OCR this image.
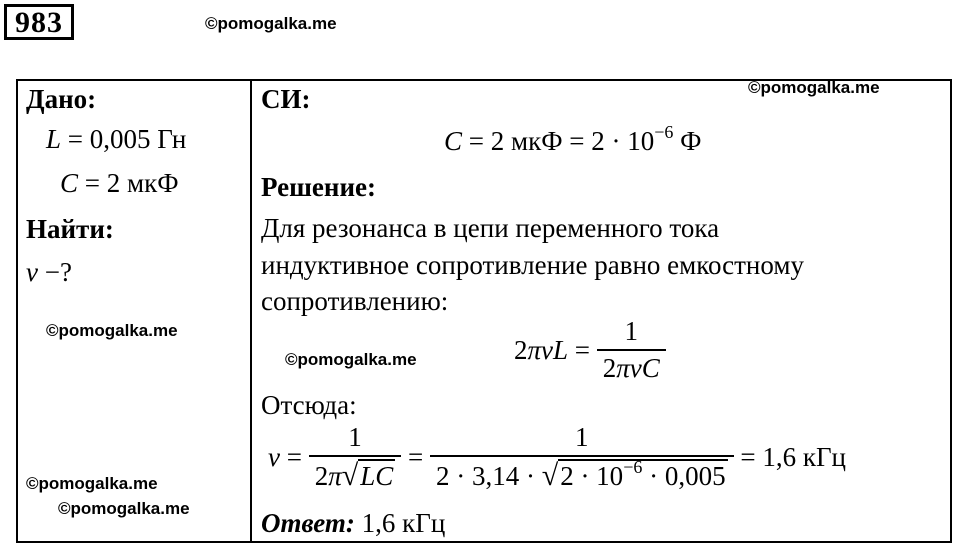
983	©pomogalka.me
Дано:
L = 0,005 Гн
C = 2 мкФ
Найти:
ν −?
©pomogalka.me
©pomogalka.me
©pomogalka.me
СИ:	©pomogalka.me
C = 2 мкФ = $2 \cdot 10^{-6}$ Ф
Решение:
Для резонанса в цепи переменного тока
индуктивное сопротивление равно емкостному
сопротивлению:
©pomogalka.me	$2\pi\nu L = \frac{1}{\text{2πνC}}$
Отсюда:
$\nu = \frac{1}{2\pi√LC} = \frac{1}{2 \cdot 3,14 \cdot √2 \cdot 10^{-6} \cdot 0,005} = 1,6$ кГц
Ответ: 1,6 кГц
